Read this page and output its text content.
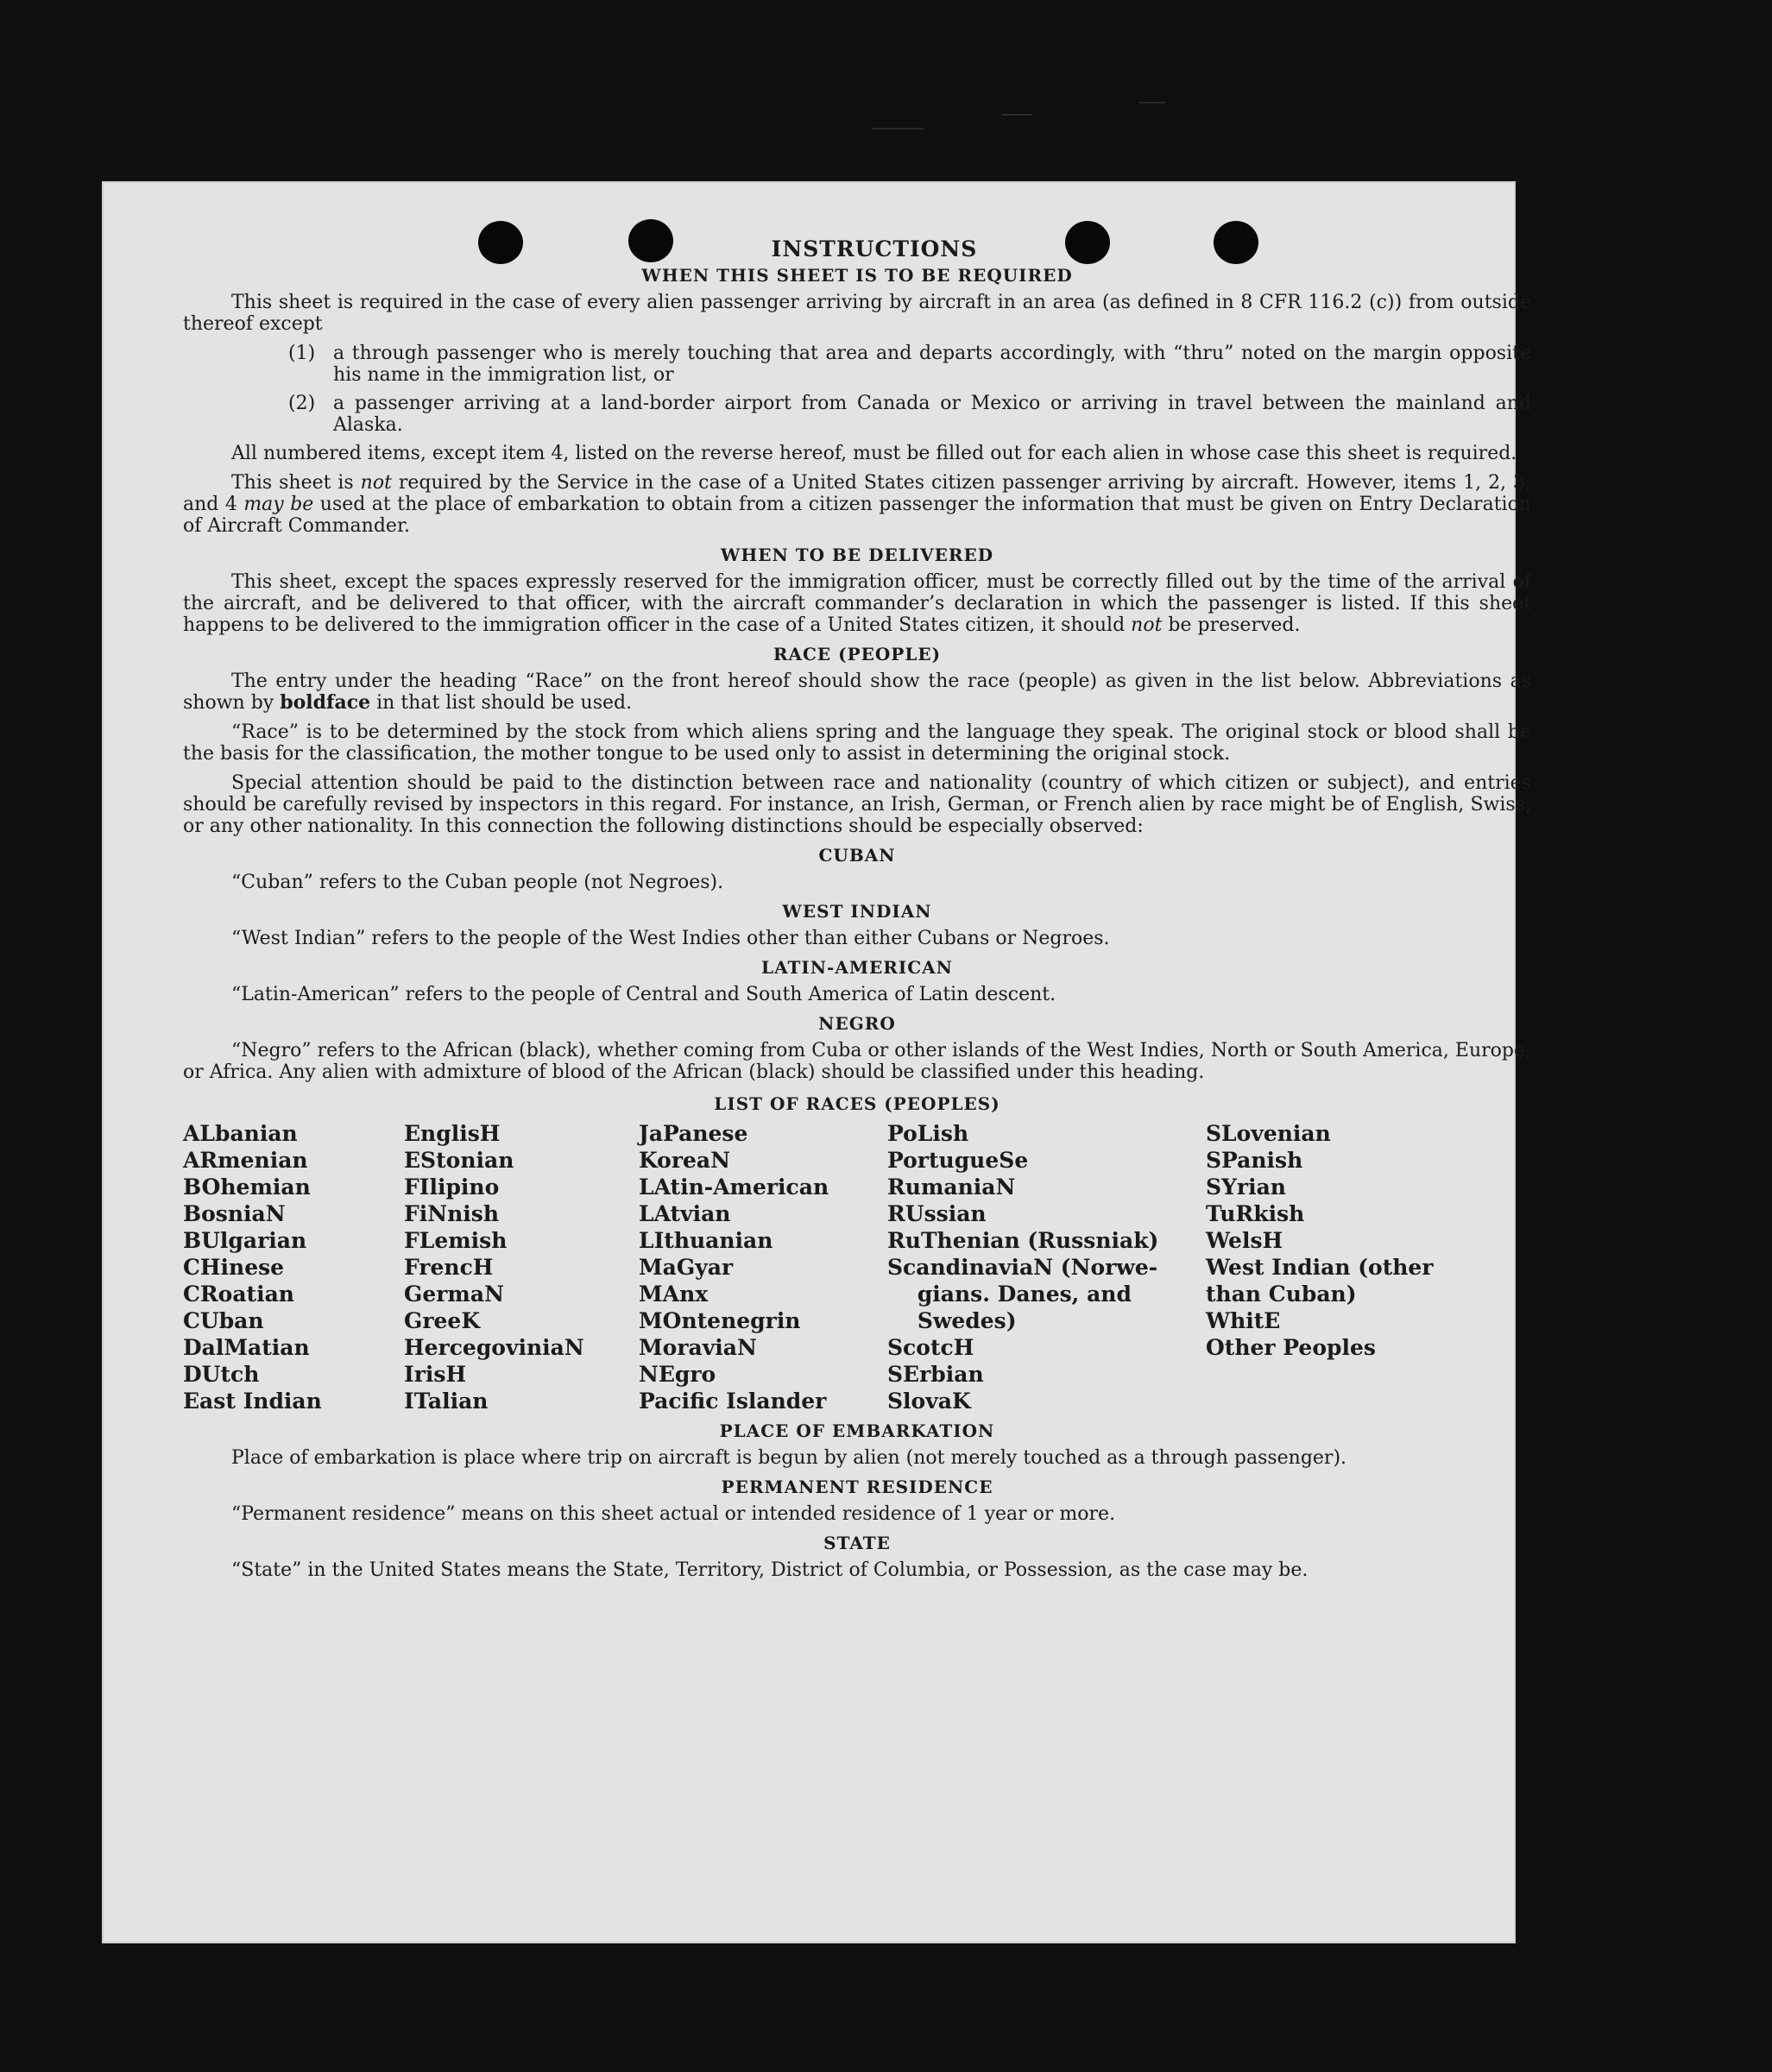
INSTRUCTIONS
WHEN THIS SHEET IS TO BE REQUIRED

This sheet is required in the case of every alien passenger arriving by aircraft in an area (as defined in 8 CFR 116.2 (c)) from outside thereof except

(1) a through passenger who is merely touching that area and departs accordingly, with “thru” noted on the margin opposite his name in the immigration list, or
(2) a passenger arriving at a land-border airport from Canada or Mexico or arriving in travel between the mainland and Alaska.

All numbered items, except item 4, listed on the reverse hereof, must be filled out for each alien in whose case this sheet is required.

This sheet is not required by the Service in the case of a United States citizen passenger arriving by aircraft. However, items 1, 2, 3, and 4 may be used at the place of embarkation to obtain from a citizen passenger the information that must be given on Entry Declaration of Aircraft Commander.

WHEN TO BE DELIVERED

This sheet, except the spaces expressly reserved for the immigration officer, must be correctly filled out by the time of the arrival of the aircraft, and be delivered to that officer, with the aircraft commander’s declaration in which the passenger is listed. If this sheet happens to be delivered to the immigration officer in the case of a United States citizen, it should not be preserved.

RACE (PEOPLE)

The entry under the heading “Race” on the front hereof should show the race (people) as given in the list below. Abbreviations as shown by boldface in that list should be used.

“Race” is to be determined by the stock from which aliens spring and the language they speak. The original stock or blood shall be the basis for the classification, the mother tongue to be used only to assist in determining the original stock.

Special attention should be paid to the distinction between race and nationality (country of which citizen or subject), and entries should be carefully revised by inspectors in this regard. For instance, an Irish, German, or French alien by race might be of English, Swiss, or any other nationality. In this connection the following distinctions should be especially observed:

CUBAN

“Cuban” refers to the Cuban people (not Negroes).

WEST INDIAN

“West Indian” refers to the people of the West Indies other than either Cubans or Negroes.

LATIN-AMERICAN

“Latin-American” refers to the people of Central and South America of Latin descent.

NEGRO

“Negro” refers to the African (black), whether coming from Cuba or other islands of the West Indies, North or South America, Europe, or Africa. Any alien with admixture of blood of the African (black) should be classified under this heading.

LIST OF RACES (PEOPLES)
ALbanian
ARmenian
BOhemian
BosniaN
BUlgarian
CHinese
CRoatian
CUban
DalMatian
DUtch
East Indian
EnglisH
EStonian
FIlipino
FiNnish
FLemish
FrencH
GermaN
GreeK
HercegoviniaN
IrisH
ITalian
JaPanese
KoreaN
LAtin-American
LAtvian
LIthuanian
MaGyar
MAnx
MOntenegrin
MoraviaN
NEgro
Pacific Islander
PoLish
PortugueSe
RumaniaN
RUssian
RuThenian (Russniak)
ScandinaviaN (Norwe-
gians. Danes, and
Swedes)
ScotcH
SErbian
SlovaK
SLovenian
SPanish
SYrian
TuRkish
WelsH
West Indian (other
than Cuban)
WhitE
Other Peoples
PLACE OF EMBARKATION

Place of embarkation is place where trip on aircraft is begun by alien (not merely touched as a through passenger).

PERMANENT RESIDENCE

“Permanent residence” means on this sheet actual or intended residence of 1 year or more.

STATE

“State” in the United States means the State, Territory, District of Columbia, or Possession, as the case may be.
